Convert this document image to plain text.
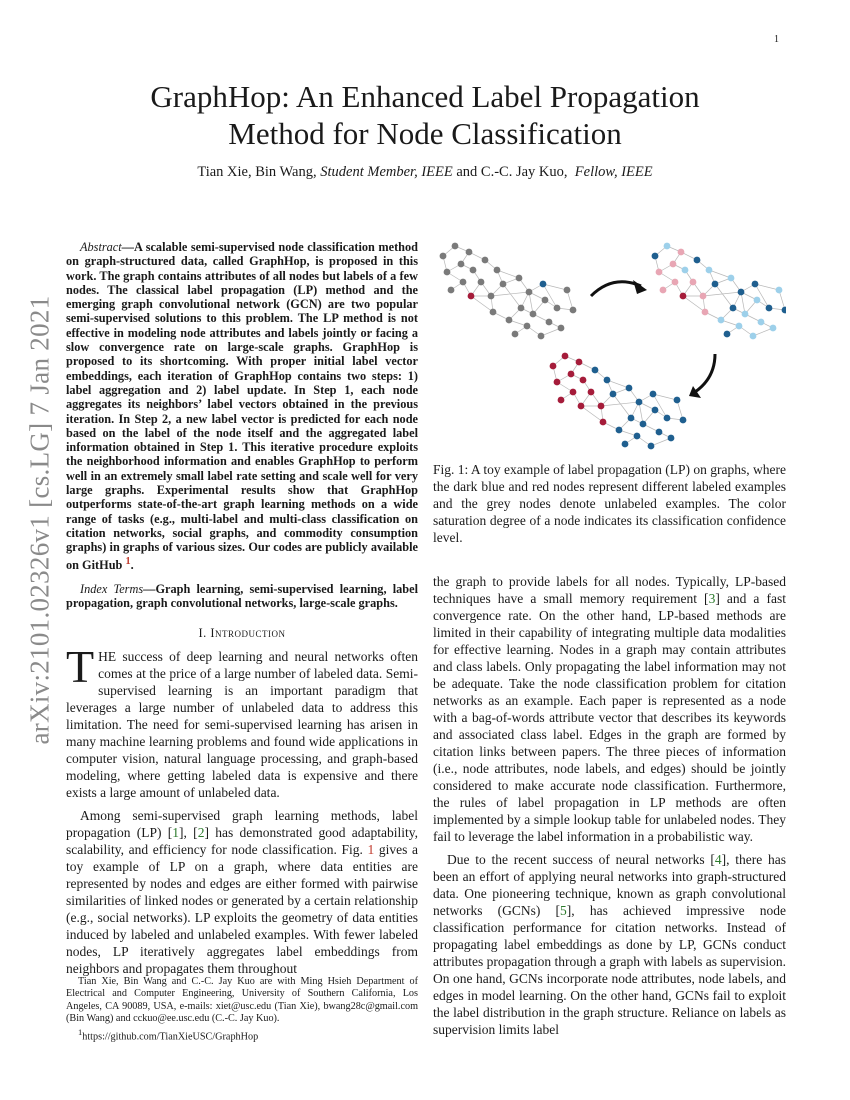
1
arXiv:2101.02326v1 [cs.LG] 7 Jan 2021
GraphHop: An Enhanced Label Propagation
Method for Node Classification
Tian Xie, Bin Wang, Student Member, IEEE and C.-C. Jay Kuo, Fellow, IEEE

Abstract—A scalable semi-supervised node classification method on graph-structured data, called GraphHop, is proposed in this work. The graph contains attributes of all nodes but labels of a few nodes. The classical label propagation (LP) method and the emerging graph convolutional network (GCN) are two popular semi-supervised solutions to this problem. The LP method is not effective in modeling node attributes and labels jointly or facing a slow convergence rate on large-scale graphs. GraphHop is proposed to its shortcoming. With proper initial label vector embeddings, each iteration of GraphHop contains two steps: 1) label aggregation and 2) label update. In Step 1, each node aggregates its neighbors’ label vectors obtained in the previous iteration. In Step 2, a new label vector is predicted for each node based on the label of the node itself and the aggregated label information obtained in Step 1. This iterative procedure exploits the neighborhood information and enables GraphHop to perform well in an extremely small label rate setting and scale well for very large graphs. Experimental results show that GraphHop outperforms state-of-the-art graph learning methods on a wide range of tasks (e.g., multi-label and multi-class classification on citation networks, social graphs, and commodity consumption graphs) in graphs of various sizes. Our codes are publicly available on GitHub $^1$.

Index Terms—Graph learning, semi-supervised learning, label propagation, graph convolutional networks, large-scale graphs.

I. Introduction

THE success of deep learning and neural networks often comes at the price of a large number of labeled data. Semi-supervised learning is an important paradigm that leverages a large number of unlabeled data to address this limitation. The need for semi-supervised learning has arisen in many machine learning problems and found wide applications in computer vision, natural language processing, and graph-based modeling, where getting labeled data is expensive and there exists a large amount of unlabeled data.

Among semi-supervised graph learning methods, label propagation (LP) [1], [2] has demonstrated good adaptability, scalability, and efficiency for node classification. Fig. 1 gives a toy example of LP on a graph, where data entities are represented by nodes and edges are either formed with pairwise similarities of linked nodes or generated by a certain relationship (e.g., social networks). LP exploits the geometry of data entities induced by labeled and unlabeled examples. With fewer labeled nodes, LP iteratively aggregates label embeddings from neighbors and propagates them throughout

Tian Xie, Bin Wang and C.-C. Jay Kuo are with Ming Hsieh Department of Electrical and Computer Engineering, University of Southern California, Los Angeles, CA 90089, USA, e-mails: xiet@usc.edu (Tian Xie), bwang28c@gmail.com (Bin Wang) and cckuo@ee.usc.edu (C.-C. Jay Kuo).
$^1$https://github.com/TianXieUSC/GraphHop
Fig. 1: A toy example of label propagation (LP) on graphs, where the dark blue and red nodes represent different labeled examples and the grey nodes denote unlabeled examples. The color saturation degree of a node indicates its classification confidence level.

the graph to provide labels for all nodes. Typically, LP-based techniques have a small memory requirement [3] and a fast convergence rate. On the other hand, LP-based methods are limited in their capability of integrating multiple data modalities for effective learning. Nodes in a graph may contain attributes and class labels. Only propagating the label information may not be adequate. Take the node classification problem for citation networks as an example. Each paper is represented as a node with a bag-of-words attribute vector that describes its keywords and associated class label. Edges in the graph are formed by citation links between papers. The three pieces of information (i.e., node attributes, node labels, and edges) should be jointly considered to make accurate node classification. Furthermore, the rules of label propagation in LP methods are often implemented by a simple lookup table for unlabeled nodes. They fail to leverage the label information in a probabilistic way.

Due to the recent success of neural networks [4], there has been an effort of applying neural networks into graph-structured data. One pioneering technique, known as graph convolutional networks (GCNs) [5], has achieved impressive node classification performance for citation networks. Instead of propagating label embeddings as done by LP, GCNs conduct attributes propagation through a graph with labels as supervision. On one hand, GCNs incorporate node attributes, node labels, and edges in model learning. On the other hand, GCNs fail to exploit the label distribution in the graph structure. Reliance on labels as supervision limits label
